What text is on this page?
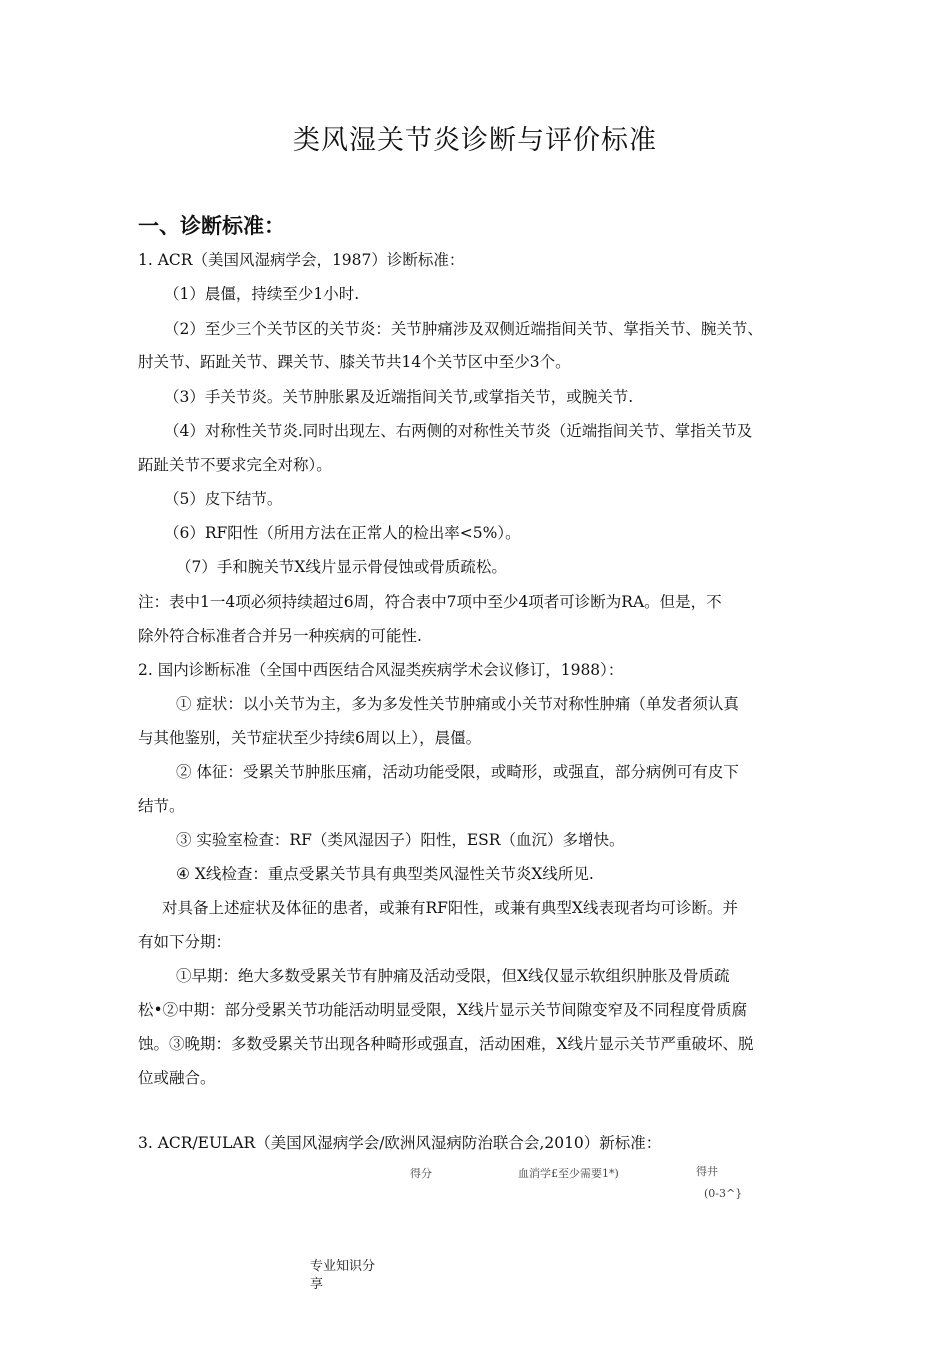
类风湿关节炎诊断与评价标准
一、诊断标准：
1. ACR（美国风湿病学会，1987）诊断标准：
（1）晨僵，持续至少1小时.
（2）至少三个关节区的关节炎：关节肿痛涉及双侧近端指间关节、掌指关节、腕关节、
肘关节、跖趾关节、踝关节、膝关节共14个关节区中至少3个。
（3）手关节炎。关节肿胀累及近端指间关节,或掌指关节，或腕关节.
（4）对称性关节炎.同时出现左、右两侧的对称性关节炎（近端指间关节、掌指关节及
跖趾关节不要求完全对称）。
（5）皮下结节。
（6）RF阳性（所用方法在正常人的检出率<5%）。
（7）手和腕关节X线片显示骨侵蚀或骨质疏松。
注：表中1一4项必须持续超过6周，符合表中7项中至少4项者可诊断为RA。但是，不
除外符合标准者合并另一种疾病的可能性.
2. 国内诊断标准（全国中西医结合风湿类疾病学术会议修订，1988）：
① 症状：以小关节为主，多为多发性关节肿痛或小关节对称性肿痛（单发者须认真
与其他鉴别，关节症状至少持续6周以上），晨僵。
② 体征：受累关节肿胀压痛，活动功能受限，或畸形，或强直，部分病例可有皮下
结节。
③ 实验室检查：RF（类风湿因子）阳性，ESR（血沉）多增快。
④ X线检查：重点受累关节具有典型类风湿性关节炎X线所见.
对具备上述症状及体征的患者，或兼有RF阳性，或兼有典型X线表现者均可诊断。并
有如下分期：
①早期：绝大多数受累关节有肿痛及活动受限，但X线仅显示软组织肿胀及骨质疏
松•②中期：部分受累关节功能活动明显受限，X线片显示关节间隙变窄及不同程度骨质腐
蚀。③晚期：多数受累关节出现各种畸形或强直，活动困难，X线片显示关节严重破坏、脱
位或融合。
3. ACR/EULAR（美国风湿病学会/欧洲风湿病防治联合会,2010）新标准：
得分	血消学£至少需要1*)	得井
(0-3^}
专业知识分
享
